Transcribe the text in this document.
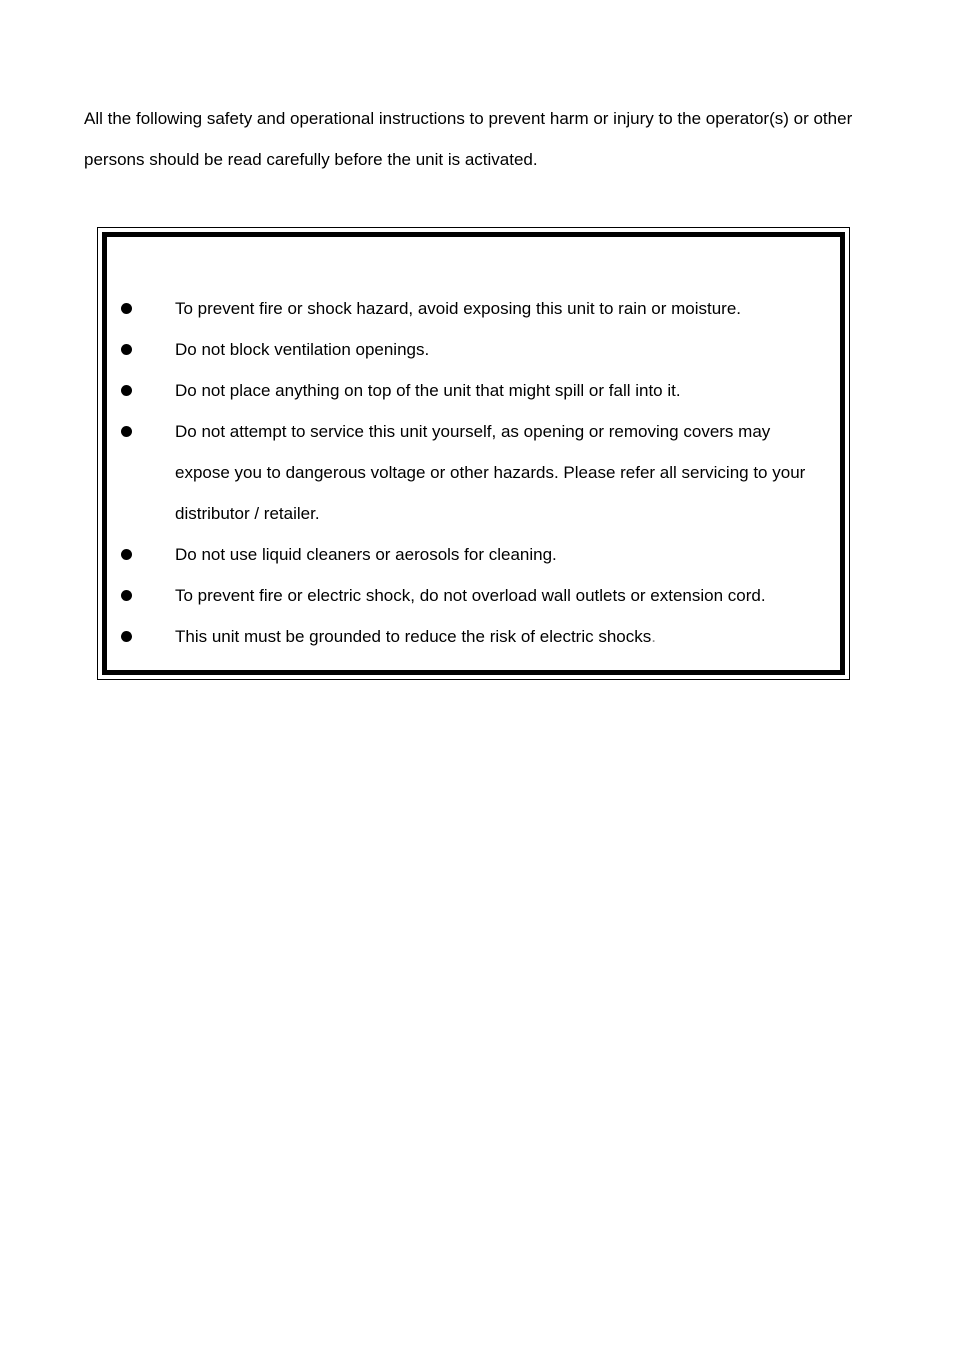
All the following safety and operational instructions to prevent harm or injury to the operator(s) or other persons should be read carefully before the unit is activated.

To prevent fire or shock hazard, avoid exposing this unit to rain or moisture.
Do not block ventilation openings.
Do not place anything on top of the unit that might spill or fall into it.
Do not attempt to service this unit yourself, as opening or removing covers may expose you to dangerous voltage or other hazards. Please refer all servicing to your distributor / retailer.
Do not use liquid cleaners or aerosols for cleaning.
To prevent fire or electric shock, do not overload wall outlets or extension cord.
This unit must be grounded to reduce the risk of electric shocks.
